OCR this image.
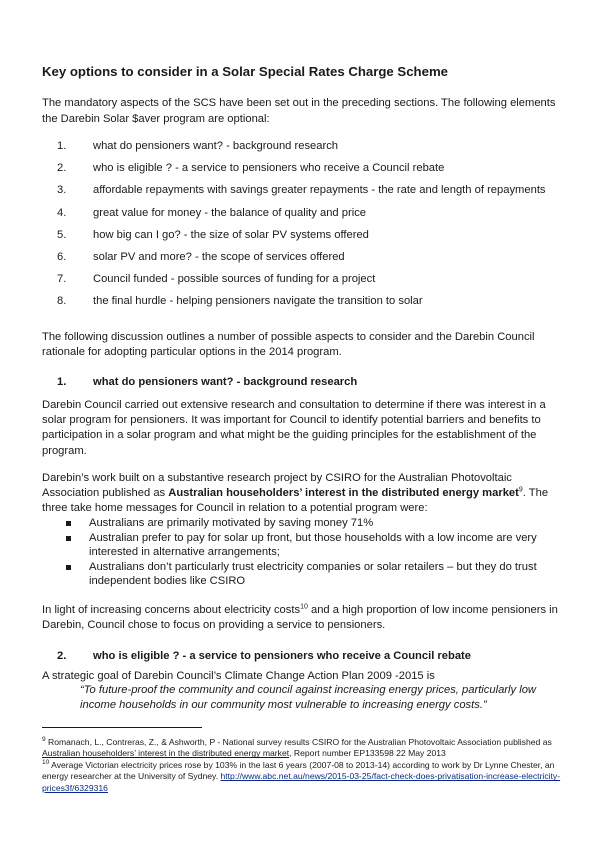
Key options to consider in a Solar Special Rates Charge Scheme

The mandatory aspects of the SCS have been set out in the preceding sections. The following elements the Darebin Solar $aver program are optional:

1.	what do pensioners want? - background research
2.	who is eligible ? - a service to pensioners who receive a Council rebate
3.	affordable repayments with savings greater repayments - the rate and length of repayments
4.	great value for money - the balance of quality and price
5.	how big can I go? - the size of solar PV systems offered
6.	solar PV and more? - the scope of services offered
7.	Council funded - possible sources of funding for a project
8.	the final hurdle - helping pensioners navigate the transition to solar

The following discussion outlines a number of possible aspects to consider and the Darebin Council rationale for adopting particular options in the 2014 program.

1.	what do pensioners want? - background research

Darebin Council carried out extensive research and consultation to determine if there was interest in a solar program for pensioners. It was important for Council to identify potential barriers and benefits to participation in a solar program and what might be the guiding principles for the establishment of the program.

Darebin’s work built on a substantive research project by CSIRO for the Australian Photovoltaic Association published as Australian householders’ interest in the distributed energy market$^9$. The three take home messages for Council in relation to a potential program were:

Australians are primarily motivated by saving money 71%
Australian prefer to pay for solar up front, but those households with a low income are very interested in alternative arrangements;
Australians don’t particularly trust electricity companies or solar retailers – but they do trust independent bodies like CSIRO

In light of increasing concerns about electricity costs$^{10}$ and a high proportion of low income pensioners in Darebin, Council chose to focus on providing a service to pensioners.

2.	who is eligible ? - a service to pensioners who receive a Council rebate

A strategic goal of Darebin Council’s Climate Change Action Plan 2009 -2015 is

“To future-proof the community and council against increasing energy prices, particularly low income households in our community most vulnerable to increasing energy costs.”

$^9$ Romanach, L., Contreras, Z., & Ashworth, P - National survey results CSIRO for the Australian Photovoltaic Association published as Australian householders’ interest in the distributed energy market, Report number EP133598 22 May 2013

$^{10}$ Average Victorian electricity prices rose by 103% in the last 6 years (2007-08 to 2013-14) according to work by Dr Lynne Chester, an energy researcher at the University of Sydney. http://www.abc.net.au/news/2015-03-25/fact-check-does-privatisation-increase-electricity-prices3f/6329316
